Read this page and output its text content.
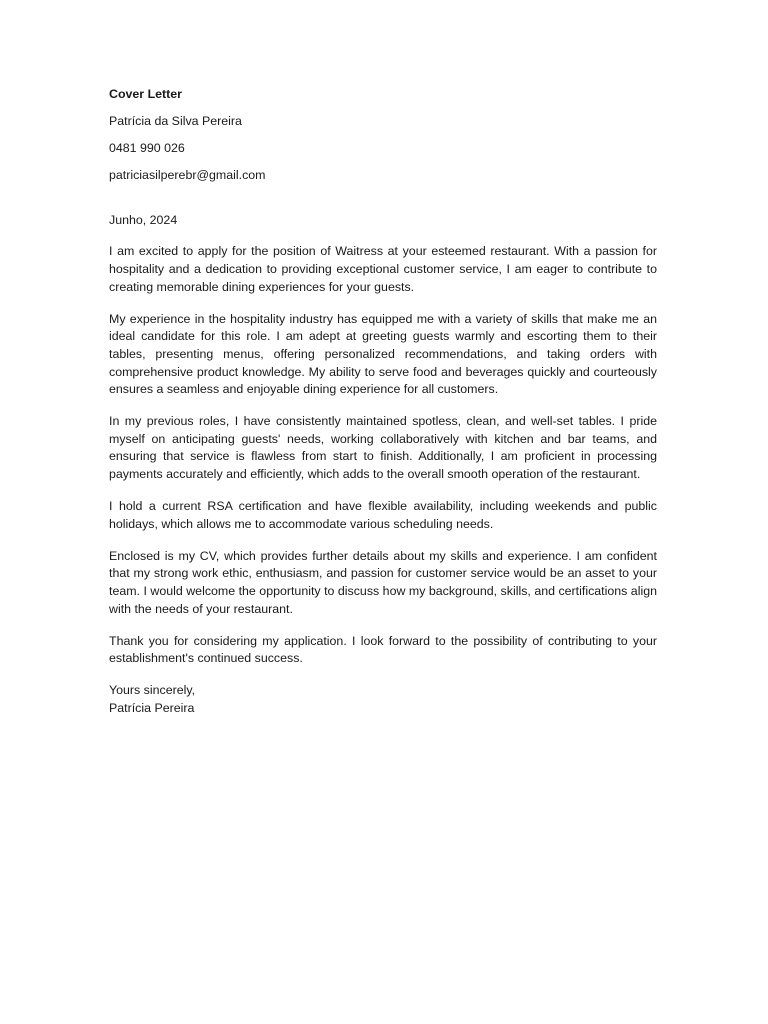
Cover Letter
Patrícia da Silva Pereira
0481 990 026
patriciasilperebr@gmail.com
Junho, 2024

I am excited to apply for the position of Waitress at your esteemed restaurant. With a passion for hospitality and a dedication to providing exceptional customer service, I am eager to contribute to creating memorable dining experiences for your guests.

My experience in the hospitality industry has equipped me with a variety of skills that make me an ideal candidate for this role. I am adept at greeting guests warmly and escorting them to their tables, presenting menus, offering personalized recommendations, and taking orders with comprehensive product knowledge. My ability to serve food and beverages quickly and courteously ensures a seamless and enjoyable dining experience for all customers.

In my previous roles, I have consistently maintained spotless, clean, and well-set tables. I pride myself on anticipating guests' needs, working collaboratively with kitchen and bar teams, and ensuring that service is flawless from start to finish. Additionally, I am proficient in processing payments accurately and efficiently, which adds to the overall smooth operation of the restaurant.

I hold a current RSA certification and have flexible availability, including weekends and public holidays, which allows me to accommodate various scheduling needs.

Enclosed is my CV, which provides further details about my skills and experience. I am confident that my strong work ethic, enthusiasm, and passion for customer service would be an asset to your team. I would welcome the opportunity to discuss how my background, skills, and certifications align with the needs of your restaurant.

Thank you for considering my application. I look forward to the possibility of contributing to your establishment's continued success.

Yours sincerely,
Patrícia Pereira
